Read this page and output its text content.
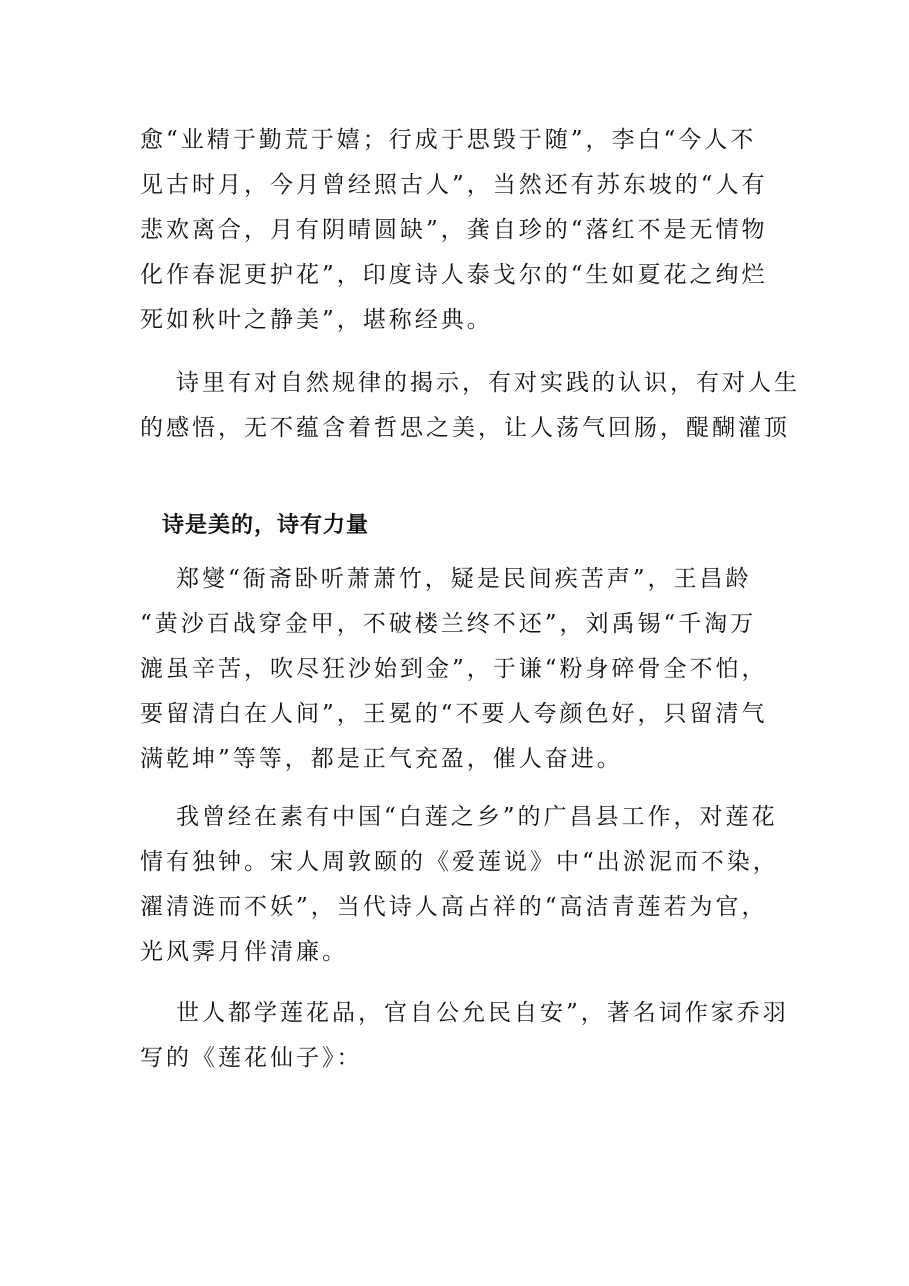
愈“业精于勤荒于嬉；行成于思毁于随”，李白“今人不
见古时月，今月曾经照古人”，当然还有苏东坡的“人有
悲欢离合，月有阴晴圆缺”，龚自珍的“落红不是无情物
化作春泥更护花”，印度诗人泰戈尔的“生如夏花之绚烂
死如秋叶之静美”，堪称经典。
诗里有对自然规律的揭示，有对实践的认识，有对人生
的感悟，无不蕴含着哲思之美，让人荡气回肠，醍醐灌顶
诗是美的，诗有力量
郑燮“衙斋卧听萧萧竹，疑是民间疾苦声”，王昌龄
“黄沙百战穿金甲，不破楼兰终不还”，刘禹锡“千淘万
漉虽辛苦，吹尽狂沙始到金”，于谦“粉身碎骨全不怕，
要留清白在人间”，王冕的“不要人夸颜色好，只留清气
满乾坤”等等，都是正气充盈，催人奋进。
我曾经在素有中国“白莲之乡”的广昌县工作，对莲花
情有独钟。宋人周敦颐的《爱莲说》中“出淤泥而不染，
濯清涟而不妖”，当代诗人高占祥的“高洁青莲若为官，
光风霁月伴清廉。
世人都学莲花品，官自公允民自安”，著名词作家乔羽
写的《莲花仙子》：
